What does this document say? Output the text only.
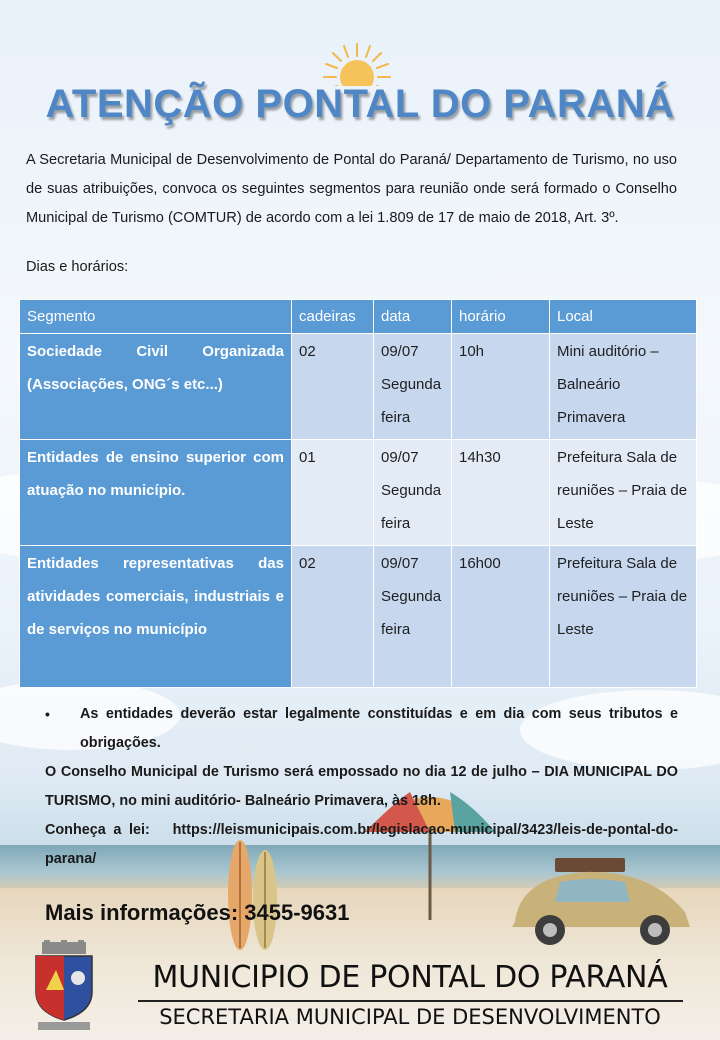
ATENÇÃO PONTAL DO PARANÁ
A Secretaria Municipal de Desenvolvimento de Pontal do Paraná/ Departamento de Turismo, no uso de suas atribuições, convoca os seguintes segmentos para reunião onde será formado o Conselho Municipal de Turismo (COMTUR) de acordo com a lei 1.809 de 17 de maio de 2018, Art. 3º.
Dias e horários:
Segmento	cadeiras	data	horário	Local
Sociedade Civil Organizada (Associações, ONG´s etc...)	02	09/07 Segunda feira	10h	Mini auditório – Balneário Primavera
Entidades de ensino superior com atuação no município.	01	09/07 Segunda feira	14h30	Prefeitura Sala de reuniões – Praia de Leste
Entidades representativas das atividades comerciais, industriais e de serviços no município	02	09/07 Segunda feira	16h00	Prefeitura Sala de reuniões – Praia de Leste
•	As entidades deverão estar legalmente constituídas e em dia com seus tributos e obrigações.
O Conselho Municipal de Turismo será empossado no dia 12 de julho – DIA MUNICIPAL DO TURISMO, no mini auditório- Balneário Primavera, às 18h.
Conheça a lei: https://leismunicipais.com.br/legislacao-municipal/3423/leis-de-pontal-do-parana/
Mais informações: 3455-9631
MUNICIPIO DE PONTAL DO PARANÁ
SECRETARIA MUNICIPAL DE DESENVOLVIMENTO
